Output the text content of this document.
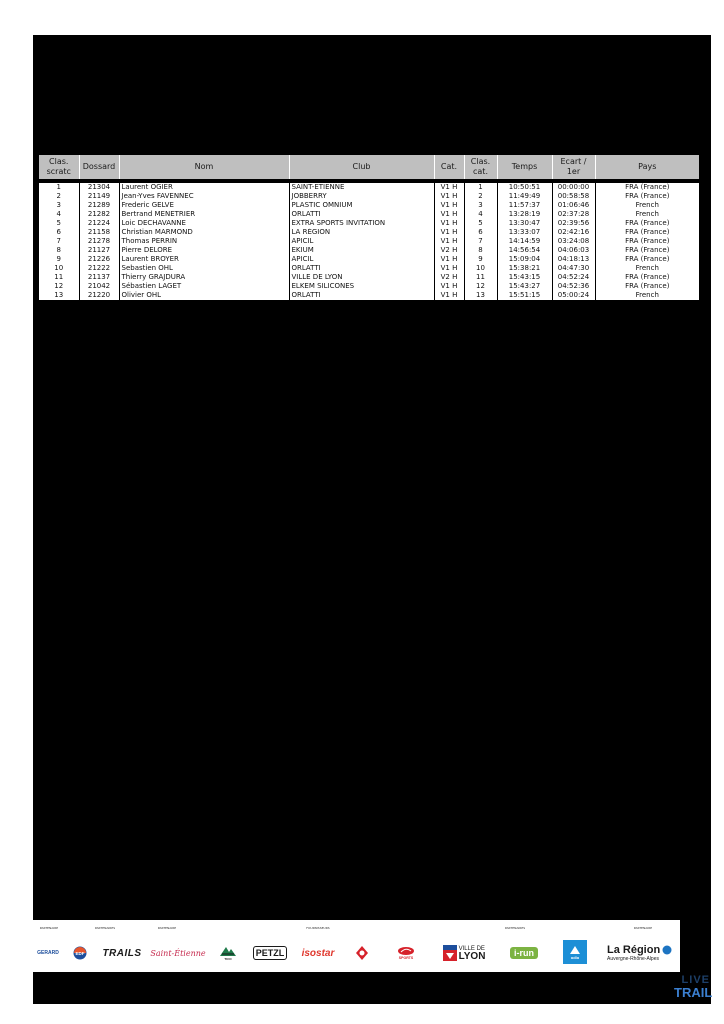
Clas. scratc	Dossard	Nom	Club	Cat.	Clas. cat.	Temps	Ecart / 1er	Pays
1	21304	Laurent OGIER	SAINT-ETIENNE	V1 H	1	10:50:51	00:00:00	FRA (France)
2	21149	Jean-Yves FAVENNEC	JOBBERRY	V1 H	2	11:49:49	00:58:58	FRA (France)
3	21289	Frederic GELVE	PLASTIC OMNIUM	V1 H	3	11:57:37	01:06:46	French
4	21282	Bertrand MENETRIER	ORLATTI	V1 H	4	13:28:19	02:37:28	French
5	21224	Loic DECHAVANNE	EXTRA SPORTS INVITATION	V1 H	5	13:30:47	02:39:56	FRA (France)
6	21158	Christian MARMOND	LA RÉGION	V1 H	6	13:33:07	02:42:16	FRA (France)
7	21278	Thomas PERRIN	APICIL	V1 H	7	14:14:59	03:24:08	FRA (France)
8	21127	Pierre DELORE	EKIUM	V2 H	8	14:56:54	04:06:03	FRA (France)
9	21226	Laurent BROYER	APICIL	V1 H	9	15:09:04	04:18:13	FRA (France)
10	21222	Sebastien OHL	ORLATTI	V1 H	10	15:38:21	04:47:30	French
11	21137	Thierry GRAJDURA	VILLE DE LYON	V2 H	11	15:43:15	04:52:24	FRA (France)
12	21042	Sébastien LAGET	ELKEM SILICONES	V1 H	12	15:43:27	04:52:36	FRA (France)
13	21220	Olivier OHL	ORLATTI	V1 H	13	15:51:15	05:00:24	French
PARTENAIRE	PARTENAIRES	PARTENAIRE	FOURNISSEURS	PARTENAIRES	PARTENAIRE
GERARD	EDF TRAILS Saint-Étienne
TICO
PETZL	isostar	SPORTS
VILLE DE
LYON	i-run	odlo
La Région
Auvergne-Rhône-Alpes
LIVE
TRAIL
